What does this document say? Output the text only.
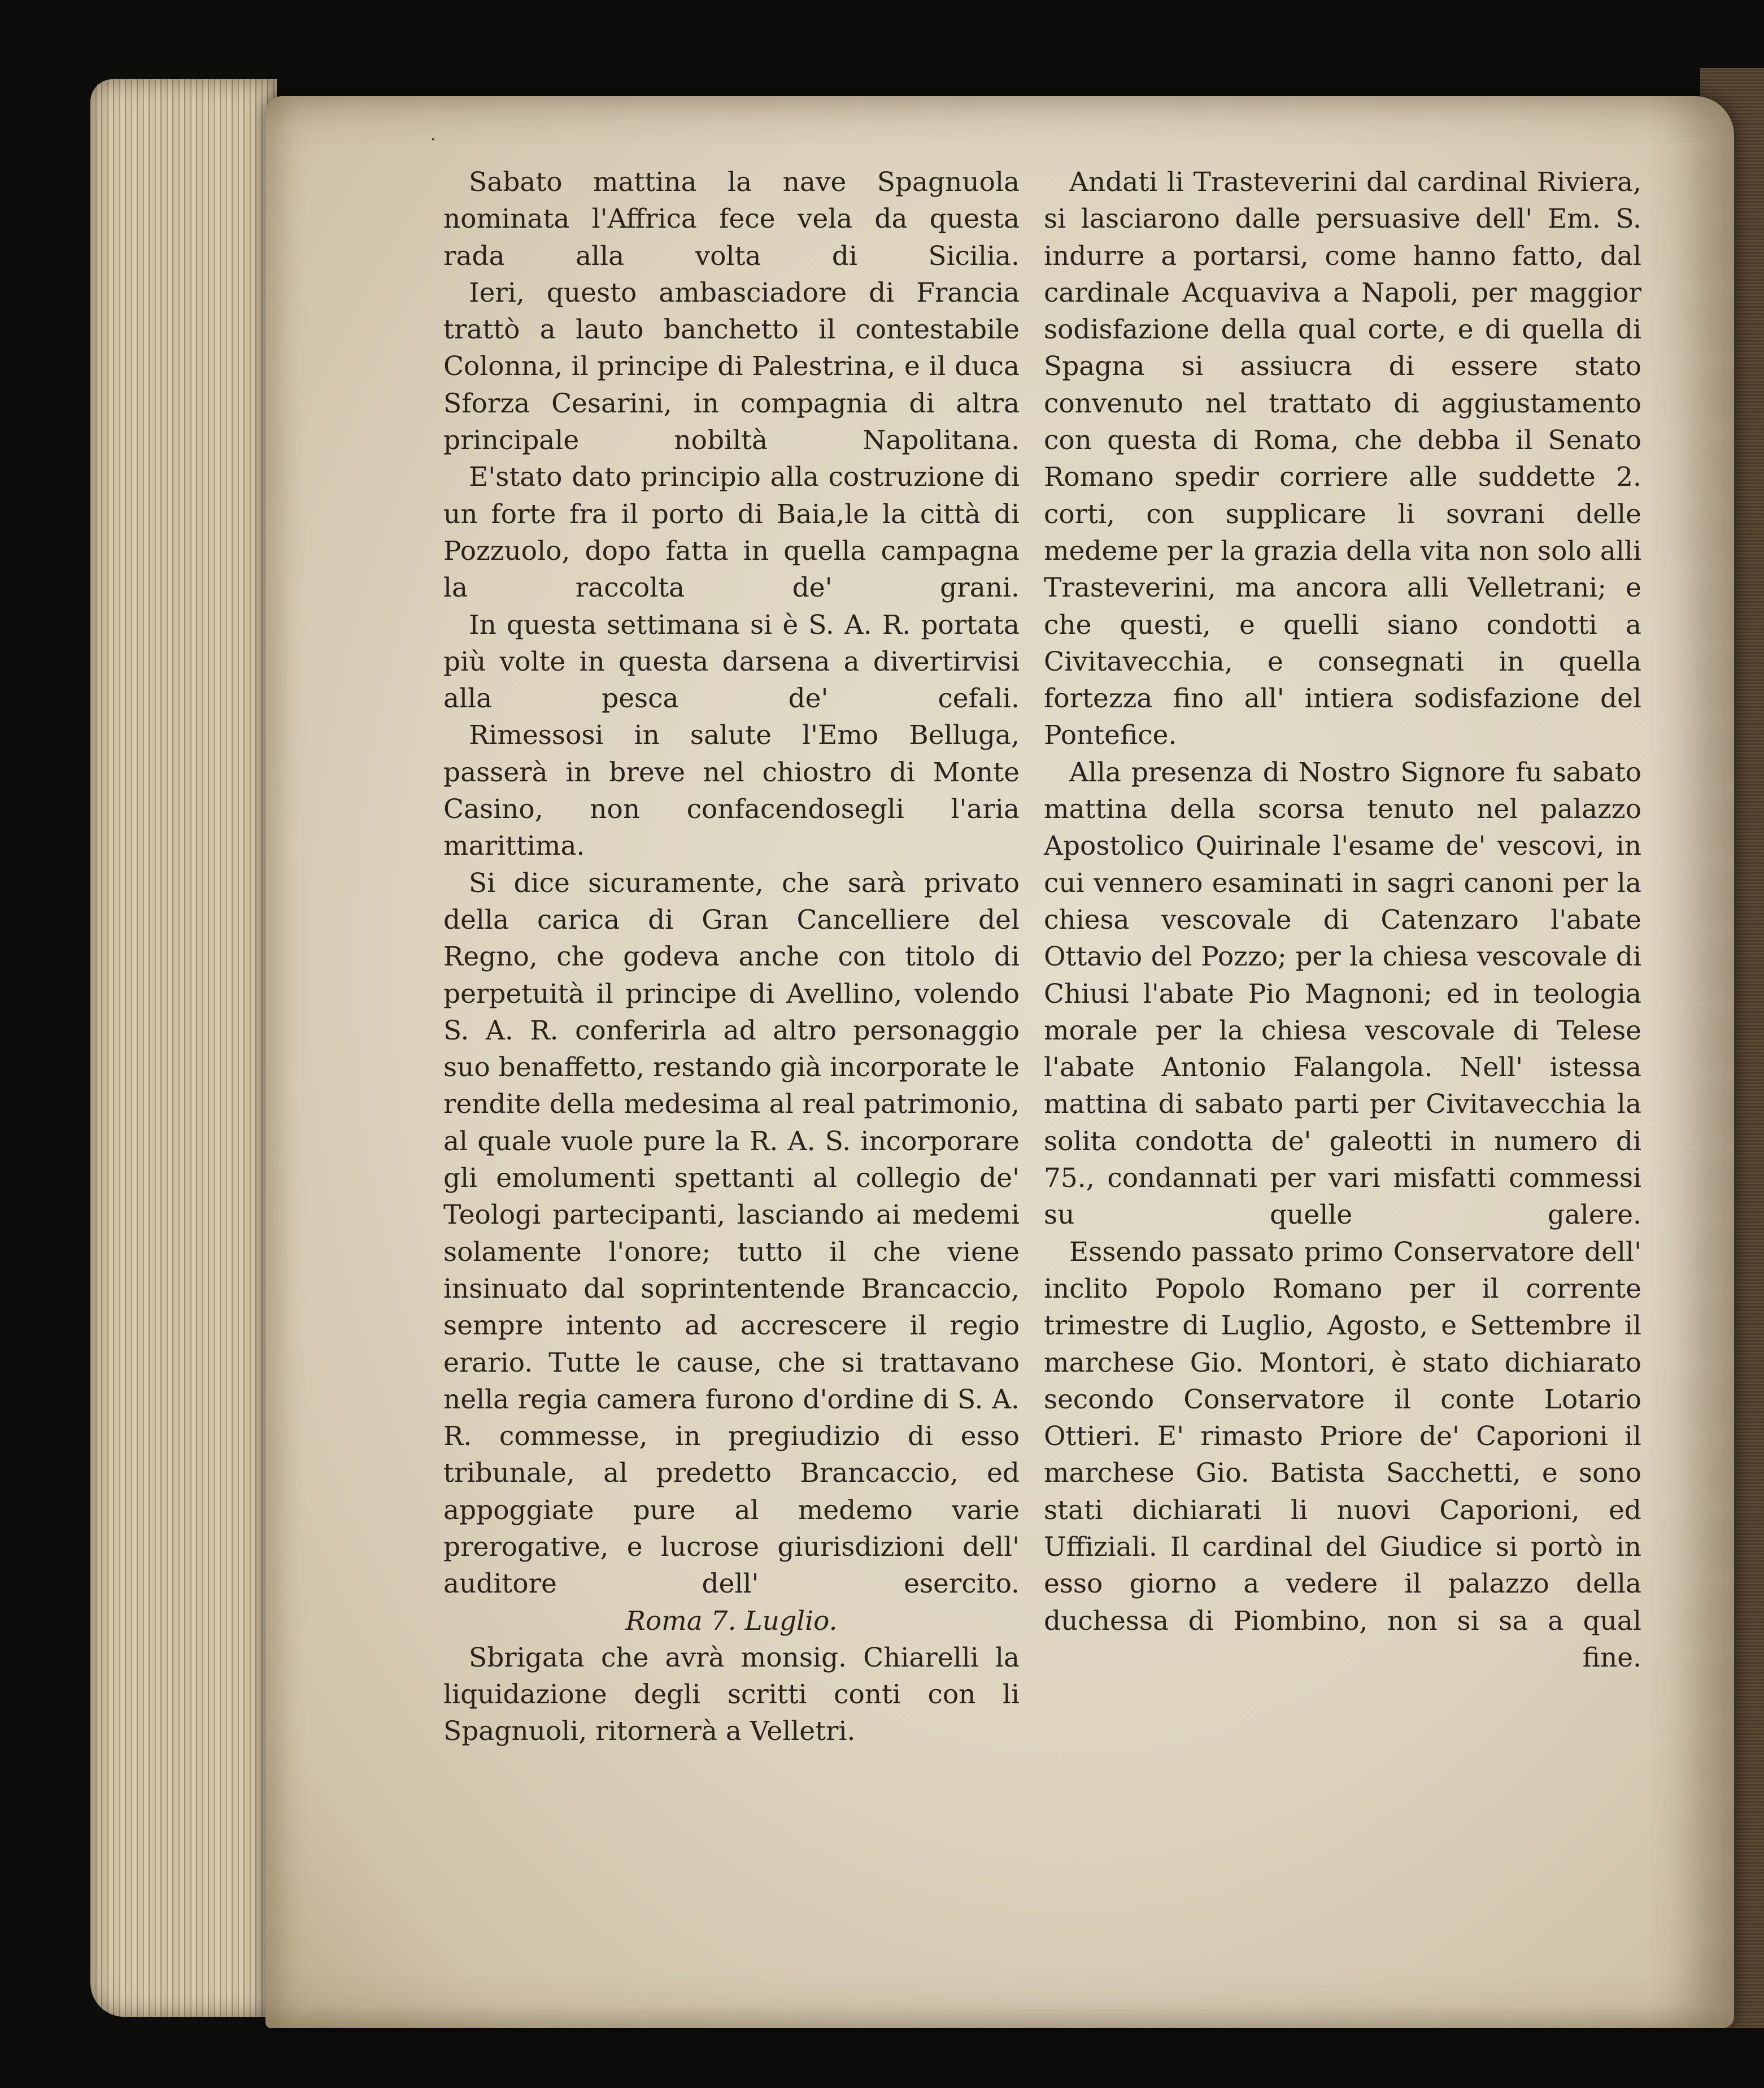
·

Sabato mattina la nave Spagnuola nominata l'Affrica fece vela da questa rada alla volta di Sicilia.

Ieri, questo ambasciadore di Francia trattò a lauto banchetto il contestabile Colonna, il principe di Palestrina, e il duca Sforza Cesarini, in compagnia di altra principale nobiltà Napolitana.

E'stato dato principio alla costruzione di un forte fra il porto di Baia,le la città di Pozzuolo, dopo fatta in quella campagna la raccolta de' grani.

In questa settimana si è S. A. R. portata più volte in questa darsena a divertirvisi alla pesca de' cefali.

Rimessosi in salute l'Emo Belluga, passerà in breve nel chiostro di Monte Casino, non confacendosegli l'aria marittima.

Si dice sicuramente, che sarà privato della carica di Gran Cancelliere del Regno, che godeva anche con titolo di perpetuità il principe di Avellino, volendo S. A. R. conferirla ad altro personaggio suo benaffetto, restando già incorporate le rendite della medesima al real patrimonio, al quale vuole pure la R. A. S. incorporare gli emolumenti spettanti al collegio de' Teologi partecipanti, lasciando ai medemi solamente l'onore; tutto il che viene insinuato dal soprintentende Brancaccio, sempre intento ad accrescere il regio erario. Tutte le cause, che si trattavano nella regia camera furono d'ordine di S. A. R. commesse, in pregiudizio di esso tribunale, al predetto Brancaccio, ed appoggiate pure al medemo varie prerogative, e lucrose giurisdizioni dell' auditore dell' esercito.

Roma 7. Luglio.

Sbrigata che avrà monsig. Chiarelli la liquidazione degli scritti conti con li Spagnuoli, ritornerà a Velletri.

Andati li Trasteverini dal cardinal Riviera, si lasciarono dalle persuasive dell' Em. S. indurre a portarsi, come hanno fatto, dal cardinale Acquaviva a Napoli, per maggior sodisfazione della qual corte, e di quella di Spagna si assiucra di essere stato convenuto nel trattato di aggiustamento con questa di Roma, che debba il Senato Romano spedir corriere alle suddette 2. corti, con supplicare li sovrani delle medeme per la grazia della vita non solo alli Trasteverini, ma ancora alli Velletrani; e che questi, e quelli siano condotti a Civitavecchia, e consegnati in quella fortezza fino all' intiera sodisfazione del Pontefice.

Alla presenza di Nostro Signore fu sabato mattina della scorsa tenuto nel palazzo Apostolico Quirinale l'esame de' vescovi, in cui vennero esaminati in sagri canoni per la chiesa vescovale di Catenzaro l'abate Ottavio del Pozzo; per la chiesa vescovale di Chiusi l'abate Pio Magnoni; ed in teologia morale per la chiesa vescovale di Telese l'abate Antonio Falangola. Nell' istessa mattina di sabato parti per Civitavecchia la solita condotta de' galeotti in numero di 75., condannati per vari misfatti commessi su quelle galere.

Essendo passato primo Conservatore dell' inclito Popolo Romano per il corrente trimestre di Luglio, Agosto, e Settembre il marchese Gio. Montori, è stato dichiarato secondo Conservatore il conte Lotario Ottieri. E' rimasto Priore de' Caporioni il marchese Gio. Batista Sacchetti, e sono stati dichiarati li nuovi Caporioni, ed Uffiziali. Il cardinal del Giudice si portò in esso giorno a vedere il palazzo della duchessa di Piombino, non si sa a qual

fine.
